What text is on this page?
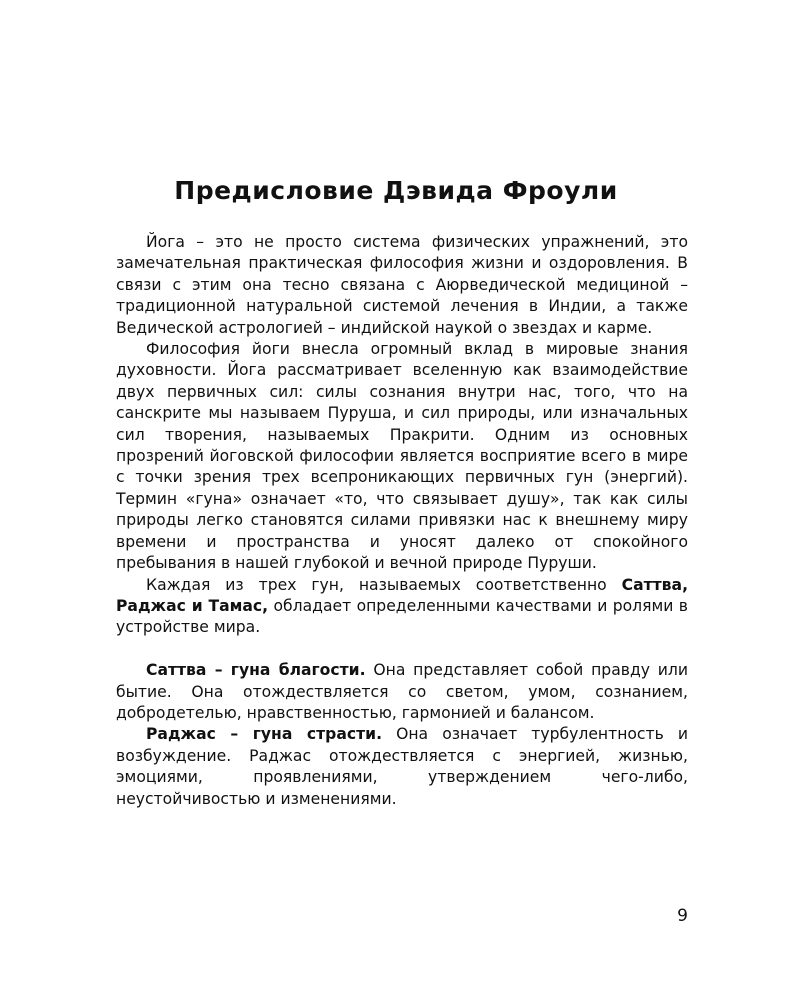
Предисловие Дэвида Фроули

Йога – это не просто система физических упражнений, это замечательная практическая философия жизни и оздоровления. В связи с этим она тесно связана с Аюрведической медициной – традиционной натуральной системой лечения в Индии, а также Ведической астрологией – индийской наукой о звездах и карме.

Философия йоги внесла огромный вклад в мировые знания духовности. Йога рассматривает вселенную как взаимодействие двух первичных сил: силы сознания внутри нас, того, что на санскрите мы называем Пуруша, и сил природы, или изначальных сил творения, называемых Пракрити. Одним из основных прозрений йоговской философии является восприятие всего в мире с точки зрения трех всепроникающих первичных гун (энергий). Термин «гуна» означает «то, что связывает душу», так как силы природы легко становятся силами привязки нас к внешнему миру времени и пространства и уносят далеко от спокойного пребывания в нашей глубокой и вечной природе Пуруши.

Каждая из трех гун, называемых соответственно Саттва, Раджас и Тамас, обладает определенными качествами и ролями в устройстве мира.

Саттва – гуна благости. Она представляет собой правду или бытие. Она отождествляется со светом, умом, сознанием, добродетелью, нравственностью, гармонией и балансом.

Раджас – гуна страсти. Она означает турбулентность и возбуждение. Раджас отождествляется с энергией, жизнью, эмоциями, проявлениями, утверждением чего-либо, неустойчивостью и изменениями.

9
